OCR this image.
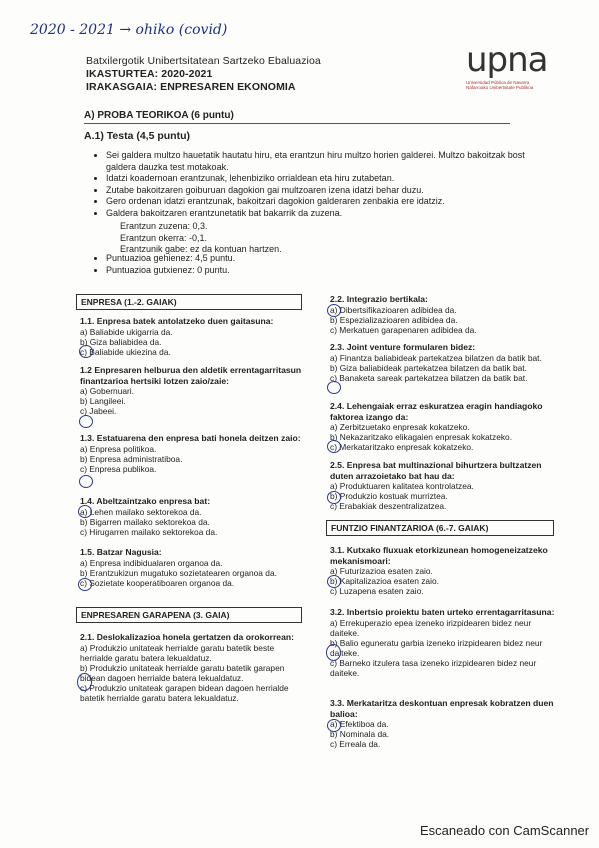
2020 - 2021 → ohiko (covid)
Batxilergotik Unibertsitatean Sartzeko Ebaluazioa
IKASTURTEA: 2020-2021
IRAKASGAIA: ENPRESAREN EKONOMIA
upna
Universidad Pública de Navarra
Nafarroako Unibertsitate Publikoa
A) PROBA TEORIKOA (6 puntu)
A.1) Testa (4,5 puntu)
• Sei galdera multzo hauetatik hautatu hiru, eta erantzun hiru multzo horien galderei. Multzo bakoitzak bost galdera dauzka test motakoak.
• Idatzi koadernoan erantzunak, lehenbiziko orrialdean eta hiru zutabetan.
• Zutabe bakoitzaren goiburuan dagokion gai multzoaren izena idatzi behar duzu.
• Gero ordenan idatzi erantzunak, bakoitzari dagokion galderaren zenbakia ere idatziz.
• Galdera bakoitzaren erantzunetatik bat bakarrik da zuzena.
Erantzun zuzena: 0,3.
Erantzun okerra: -0,1.
Erantzunik gabe: ez da kontuan hartzen.
• Puntuazioa gehienez: 4,5 puntu.
• Puntuazioa gutxienez: 0 puntu.
ENPRESA (1.-2. GAIAK)
1.1. Enpresa batek antolatzeko duen gaitasuna:
a) Baliabide ukigarria da.
b) Giza baliabidea da.
c) Baliabide ukiezina da.
1.2 Enpresaren helburua den aldetik errentagarritasun finantzarioa hertsiki lotzen zaio/zaie:
a) Gobernuari.
b) Langileei.
c) Jabeei.
1.3. Estatuarena den enpresa bati honela deitzen zaio:
a) Enpresa politikoa.
b) Enpresa administratiboa.
c) Enpresa publikoa.
1.4. Abeltzaintzako enpresa bat:
a) Lehen mailako sektorekoa da.
b) Bigarren mailako sektorekoa da.
c) Hirugarren mailako sektorekoa da.
1.5. Batzar Nagusia:
a) Enpresa indibidualaren organoa da.
b) Erantzukizun mugatuko sozietatearen organoa da.
c) Sozietate kooperatiboaren organoa da.
ENPRESAREN GARAPENA (3. GAIA)
2.1. Deslokalizazioa honela gertatzen da orokorrean:
a) Produkzio unitateak herrialde garatu batetik beste herrialde garatu batera lekualdatuz.
b) Produkzio unitateak herrialde garatu batetik garapen bidean dagoen herrialde batera lekualdatuz.
c) Produkzio unitateak garapen bidean dagoen herrialde batetik herrialde garatu batera lekualdatuz.
2.2. Integrazio bertikala:
a) Dibertsifikazioaren adibidea da.
b) Espezializazioaren adibidea da.
c) Merkatuen garapenaren adibidea da.
2.3. Joint venture formularen bidez:
a) Finantza baliabideak partekatzea bilatzen da batik bat.
b) Giza baliabideak partekatzea bilatzen da batik bat.
c) Banaketa sareak partekatzea bilatzen da batik bat.
2.4. Lehengaiak erraz eskuratzea eragin handiagoko faktorea izango da:
a) Zerbitzuetako enpresak kokatzeko.
b) Nekazaritzako elikagaien enpresak kokatzeko.
c) Merkataritzako enpresak kokatzeko.
2.5. Enpresa bat multinazional bihurtzera bultzatzen duten arrazoietako bat hau da:
a) Produktuaren kalitatea kontrolatzea.
b) Produkzio kostuak murriztea.
c) Erabakiak deszentralizatzea.
FUNTZIO FINANTZARIOA (6.-7. GAIAK)
3.1. Kutxako fluxuak etorkizunean homogeneizatzeko mekanismoari:
a) Futurizazioa esaten zaio.
b) Kapitalizazioa esaten zaio.
c) Luzapena esaten zaio.
3.2. Inbertsio proiektu baten urteko errentagarritasuna:
a) Errekuperazio epea izeneko irizpidearen bidez neur daiteke.
b) Balio eguneratu garbia izeneko irizpidearen bidez neur daiteke.
c) Barneko itzulera tasa izeneko irizpidearen bidez neur daiteke.
3.3. Merkataritza deskontuan enpresak kobratzen duen balioa:
a) Efektiboa da.
b) Nominala da.
c) Errealа da.
Escaneado con CamScanner
